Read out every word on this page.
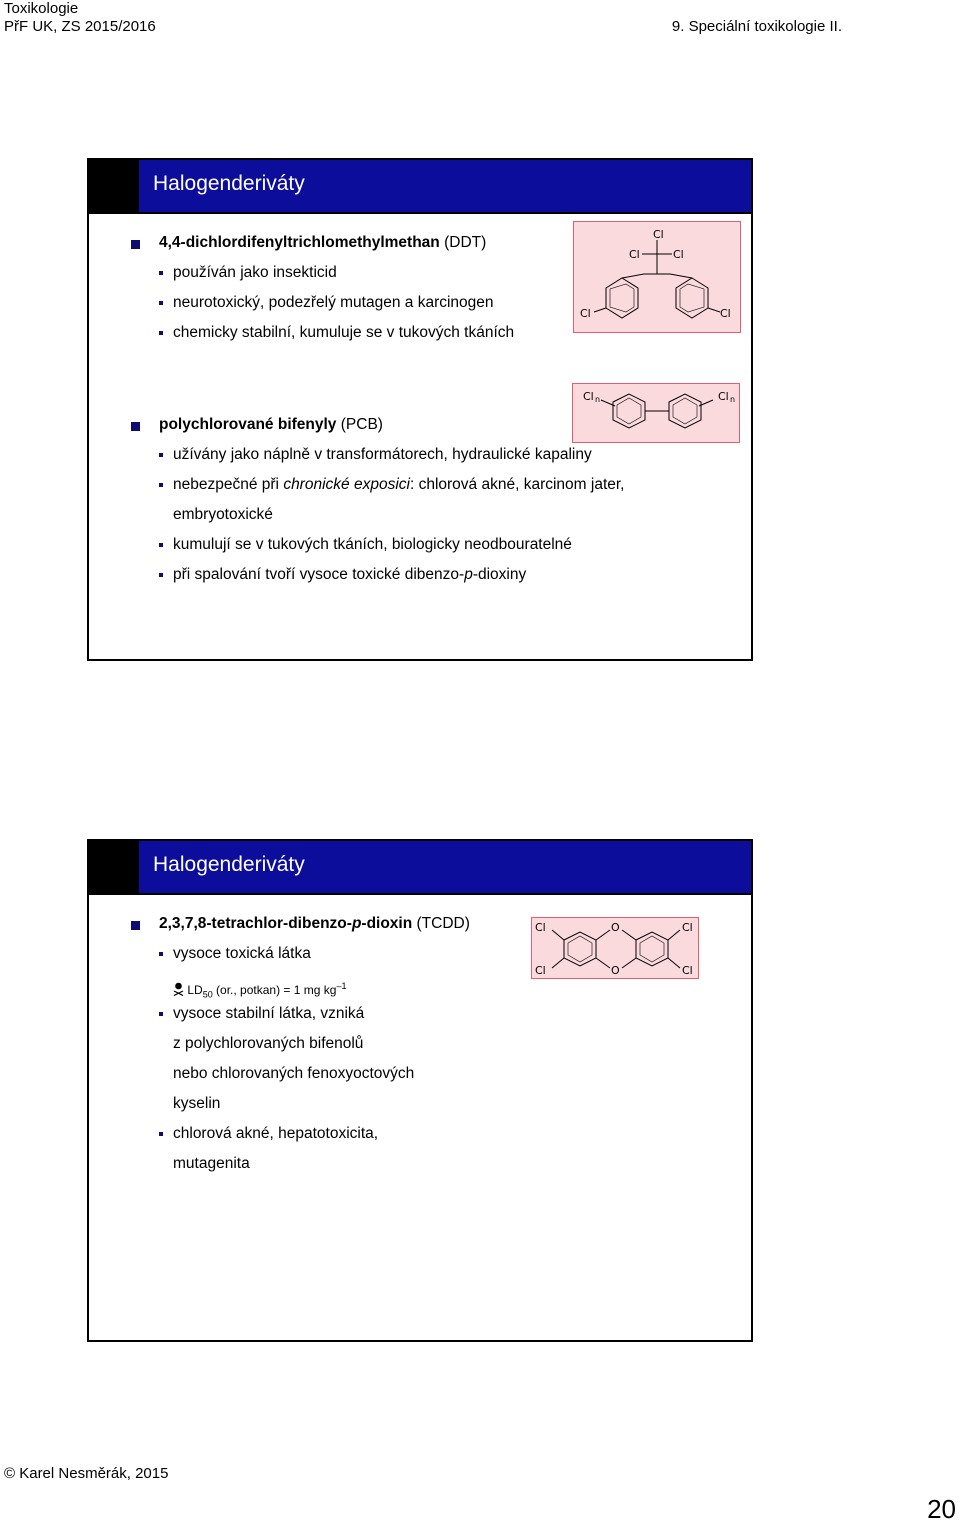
Toxikologie
PřF UK, ZS 2015/2016	9. Speciální toxikologie II.
Halogenderiváty
4,4-dichlordifenyltrichlomethylmethan (DDT)
používán jako insekticid
neurotoxický, podezřelý mutagen a karcinogen
chemicky stabilní, kumuluje se v tukových tkáních
Cl
Cl	Cl
Cl	Cl
polychlorované bifenyly (PCB)
užívány jako náplně v transformátorech, hydraulické kapaliny
nebezpečné při chronické exposici: chlorová akné, karcinom jater,
embryotoxické
kumulují se v tukových tkáních, biologicky neodbouratelné
při spalování tvoří vysoce toxické dibenzo-p-dioxiny
Cl n	Cl n
Halogenderiváty
2,3,7,8-tetrachlor-dibenzo-p-dioxin (TCDD)
vysoce toxická látka
$LD_{50}$ (or., potkan) = 1 mg $kg^{-1}$
vysoce stabilní látka, vzniká
z polychlorovaných bifenolů
nebo chlorovaných fenoxyoctových
kyselin
chlorová akné, hepatotoxicita,
mutagenita
Cl	O	Cl
Cl	O	Cl
© Karel Nesměrák, 2015
20
